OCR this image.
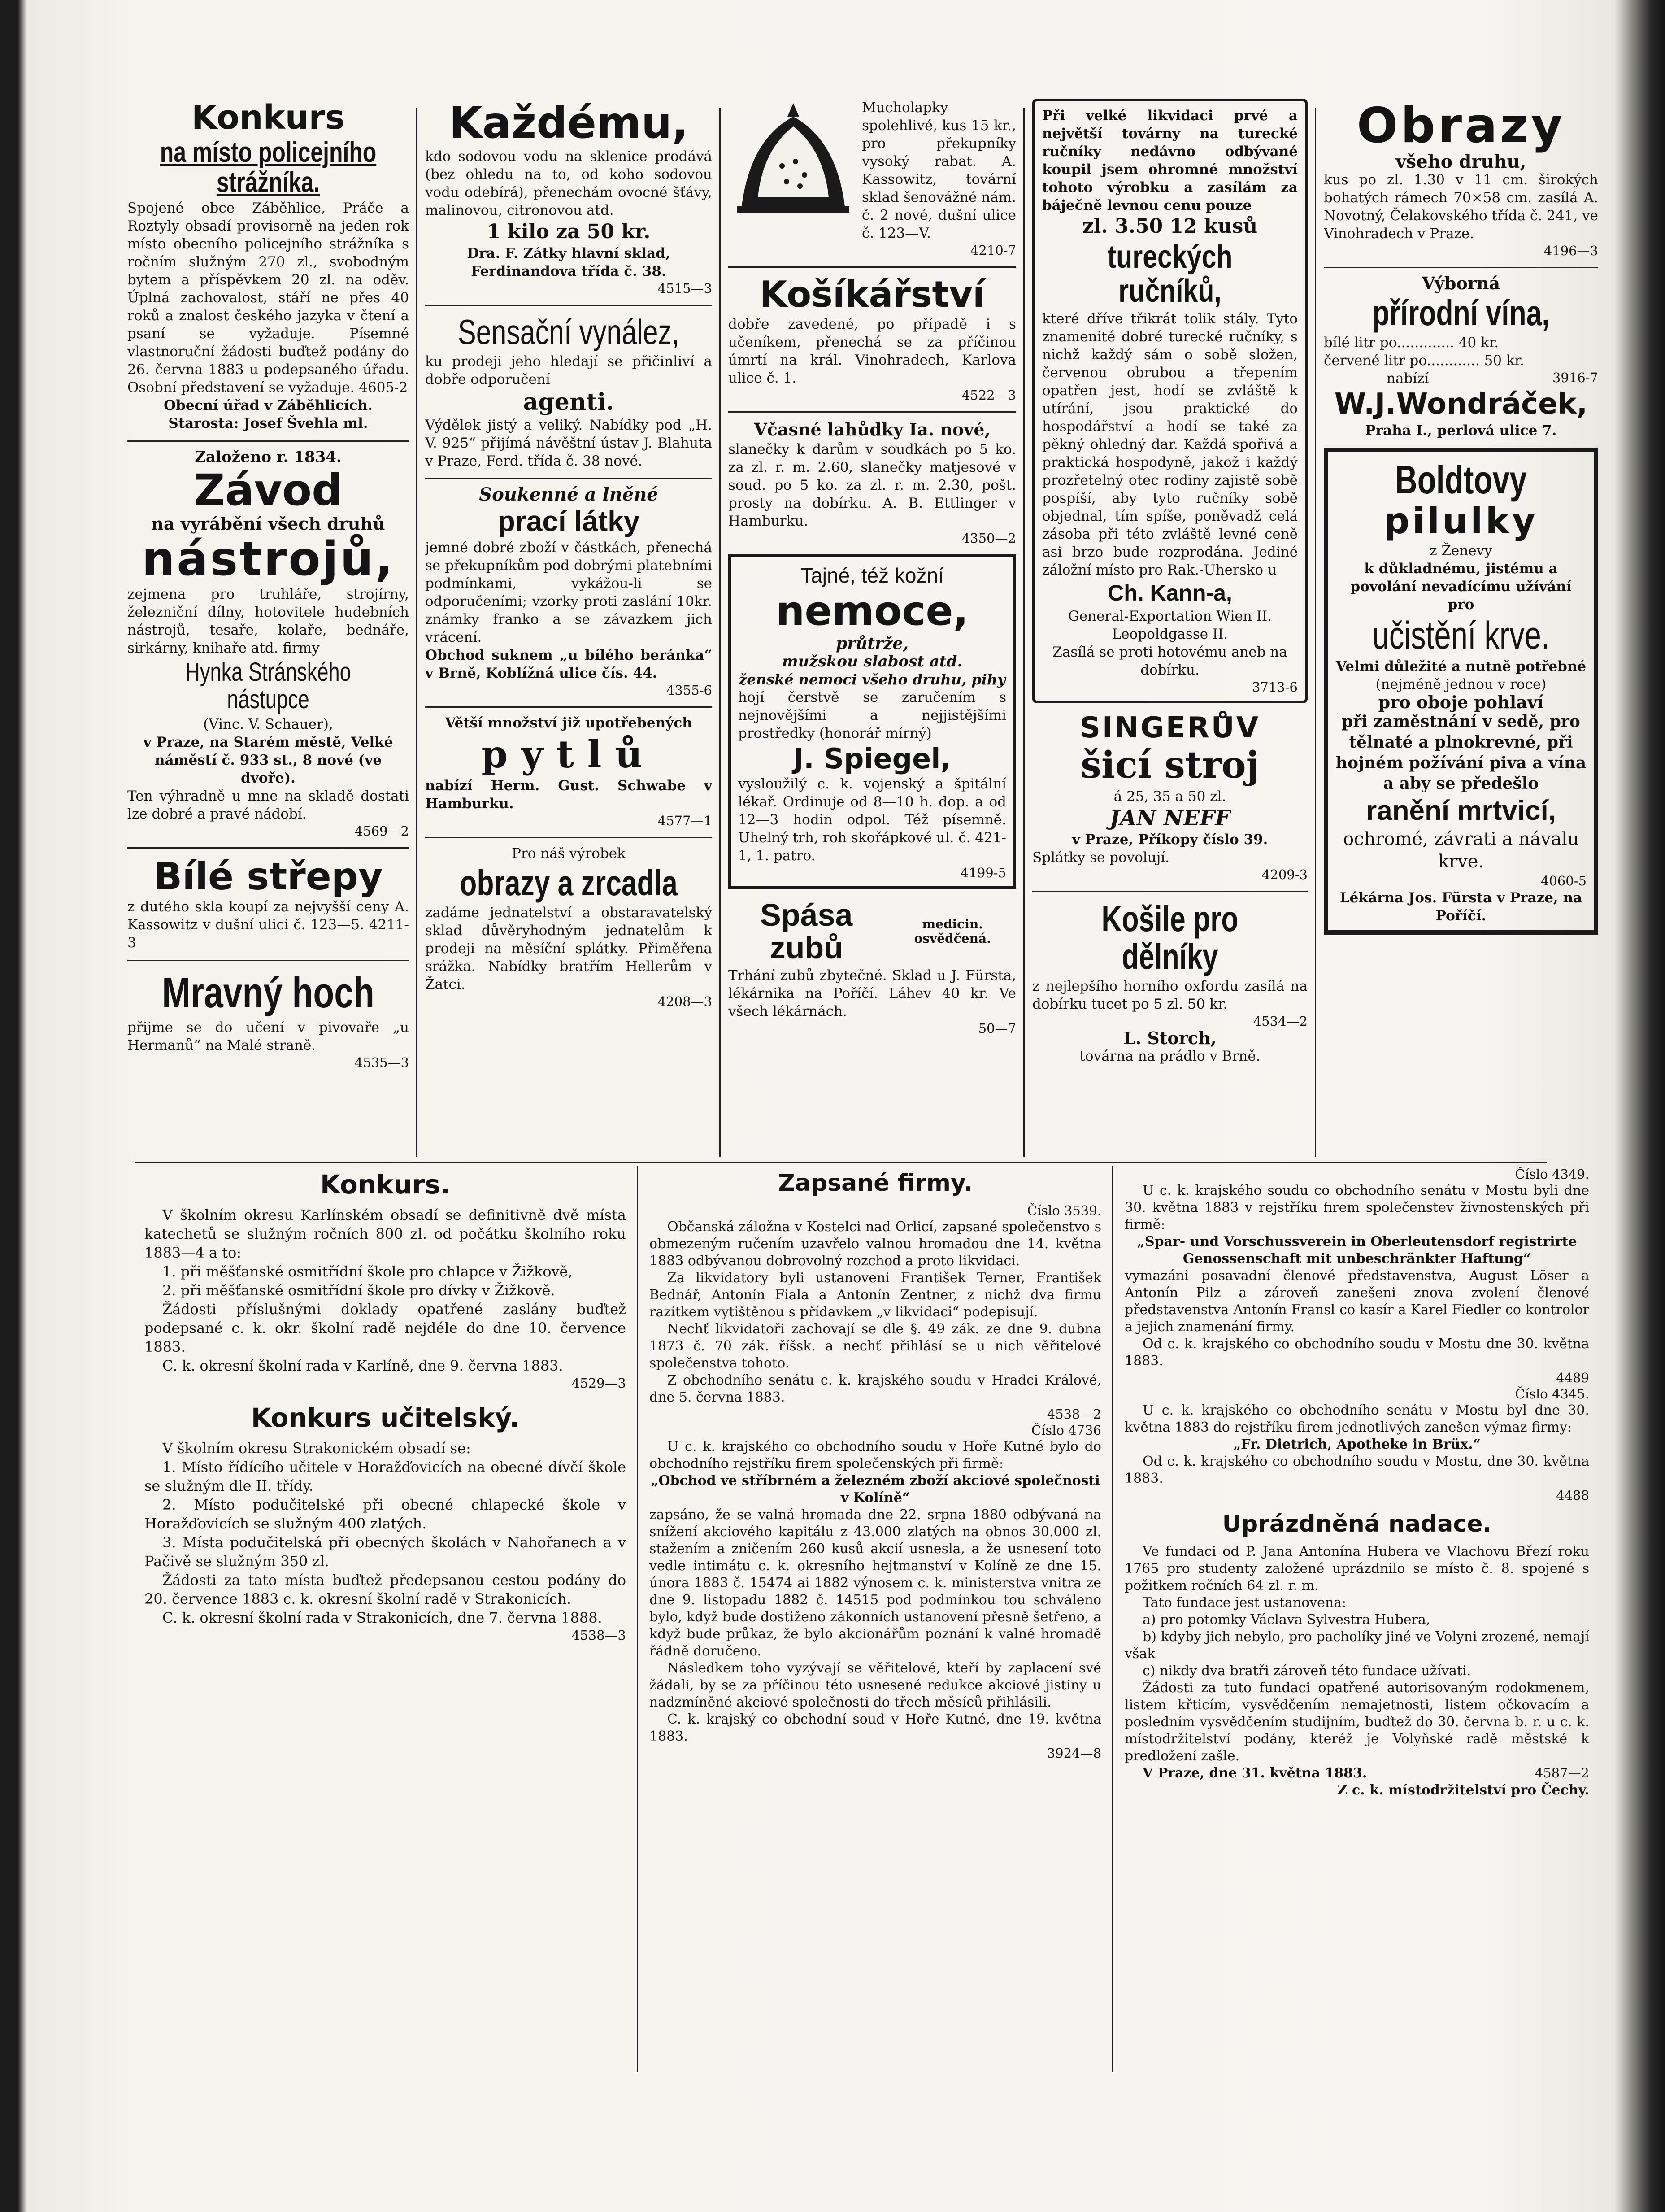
Konkurs
na místo policejního strážníka.

Spojené obce Záběhlice, Práče a Roztyly obsadí provisorně na jeden rok místo obecního policejního strážníka s ročním služným 270 zl., svobodným bytem a příspěvkem 20 zl. na oděv. Úplná zachovalost, stáří ne přes 40 roků a znalost českého jazyka v čtení a psaní se vyžaduje. Písemné vlastnoruční žádosti buďtež podány do 26. června 1883 u podepsaného úřadu. Osobní představení se vyžaduje. 4605-2

Obecní úřad v Záběhlicích.

Starosta: Josef Švehla ml.

Založeno r. 1834.

Závod

na vyrábění všech druhů

nástrojů,

zejmena pro truhláře, strojírny, železniční dílny, hotovitele hudebních nástrojů, tesaře, kolaře, bednáře, sirkárny, knihaře atd. firmy

Hynka Stránského nástupce

(Vinc. V. Schauer),

v Praze, na Starém městě, Velké náměstí č. 933 st., 8 nové (ve dvoře).

Ten výhradně u mne na skladě dostati lze dobré a pravé nádobí.

4569—2

Bílé střepy

z dutého skla koupí za nejvyšší ceny A. Kassowitz v dušní ulici č. 123—5. 4211-3

Mravný hoch

přijme se do učení v pivovaře „u Hermanů“ na Malé straně.

4535—3

Každému,

kdo sodovou vodu na sklenice prodává (bez ohledu na to, od koho sodovou vodu odebírá), přenechám ovocné šťávy, malinovou, citronovou atd.

1 kilo za 50 kr.

Dra. F. Zátky hlavní sklad, Ferdinandova třída č. 38.

4515—3

Sensační vynález,

ku prodeji jeho hledají se přičinliví a dobře odporučení

agenti.

Výdělek jistý a veliký. Nabídky pod „H. V. 925“ přijímá návěštní ústav J. Blahuta v Praze, Ferd. třída č. 38 nové.

Soukenné a lněné

prací látky

jemné dobré zboží v částkách, přenechá se překupníkům pod dobrými platebními podmínkami, vykážou-li se odporučeními; vzorky proti zaslání 10kr. známky franko a se závazkem jich vrácení.

Obchod suknem „u bílého beránka“ v Brně, Koblížná ulice čís. 44.

4355-6

Větší množství již upotřebených

pytlů

nabízí Herm. Gust. Schwabe v Hamburku.

4577—1

Pro náš výrobek

obrazy a zrcadla

zadáme jednatelství a obstaravatelský sklad důvěryhodným jednatelům k prodeji na měsíční splátky. Přiměřena srážka. Nabídky bratřím Hellerům v Žatci.

4208—3

Mucholapky spolehlivé, kus 15 kr., pro překupníky vysoký rabat. A. Kassowitz, tovární sklad šenovážné nám. č. 2 nové, dušní ulice č. 123—V.

4210-7

Košíkářství

dobře zavedené, po případě i s učeníkem, přenechá se za příčinou úmrtí na král. Vinohradech, Karlova ulice č. 1.

4522—3

Včasné lahůdky Ia. nové,

slanečky k darům v soudkách po 5 ko. za zl. r. m. 2.60, slanečky matjesové v soud. po 5 ko. za zl. r. m. 2.30, pošt. prosty na dobírku. A. B. Ettlinger v Hamburku.

4350—2

Tajné, též kožní

nemoce,

průtrže,

mužskou slabost atd.

ženské nemoci všeho druhu, pihy

hojí čerstvě se zaručením s nejnovějšími a nejjistějšími prostředky (honorář mírný)

J. Spiegel,

vysloužilý c. k. vojenský a špitální lékař. Ordinuje od 8—10 h. dop. a od 12—3 hodin odpol. Též písemně. Uhelný trh, roh skořápkové ul. č. 421-1, 1. patro.

4199-5

Spása zubů

medicin. osvědčená.

Trhání zubů zbytečné. Sklad u J. Fürsta, lékárnika na Poříčí. Láhev 40 kr. Ve všech lékárnách.

50—7

Při velké likvidaci prvé a největší továrny na turecké ručníky nedávno odbývané koupil jsem ohromné množství tohoto výrobku a zasílám za báječně levnou cenu pouze

zl. 3.50 12 kusů

tureckých ručníků,

které dříve třikrát tolik stály. Tyto znamenité dobré turecké ručníky, s nichž každý sám o sobě složen, červenou obrubou a třepením opatřen jest, hodí se zvláště k utírání, jsou praktické do hospodářství a hodí se také za pěkný ohledný dar. Každá spořivá a praktická hospodyně, jakož i každý prozřetelný otec rodiny zajistě sobě pospíší, aby tyto ručníky sobě objednal, tím spíše, poněvadž celá zásoba při této zvláště levné ceně asi brzo bude rozprodána. Jediné záložní místo pro Rak.-Uhersko u

Ch. Kann-a,

General-Exportation Wien II. Leopoldgasse II.

Zasílá se proti hotovému aneb na dobírku.

3713-6

SINGERŮV
šicí stroj

á 25, 35 a 50 zl.

JAN NEFF

v Praze, Příkopy číslo 39.

Splátky se povolují.

4209-3

Košile pro dělníky

z nejlepšího horního oxfordu zasílá na dobírku tucet po 5 zl. 50 kr.

4534—2

L. Storch,

továrna na prádlo v Brně.

Obrazy

všeho druhu,

kus po zl. 1.30 v 11 cm. širokých bohatých rámech 70×58 cm. zasílá A. Novotný, Čelakovského třída č. 241, ve Vinohradech v Praze.

4196—3

Výborná

přírodní vína,

bílé litr po............. 40 kr.

červené litr po............ 50 kr.

nabízí	3916-7

W.J.Wondráček,

Praha I., perlová ulice 7.

Boldtovy
pilulky

z Ženevy

k důkladnému, jistému a povolání nevadícímu užívání pro

učistění krve.

Velmi důležité a nutně potřebné

(nejméně jednou v roce)

pro oboje pohlaví

při zaměstnání v sedě, pro tělnaté a plnokrevné, při hojném požívání piva a vína a aby se předešlo

ranění mrtvicí,

ochromé, závrati a návalu krve.

4060-5

Lékárna Jos. Fürsta v Praze, na Poříčí.

Konkurs.

V školním okresu Karlínském obsadí se definitivně dvě místa katechetů se služným ročních 800 zl. od počátku školního roku 1883—4 a to:

1. při měšťanské osmitřídní škole pro chlapce v Žižkově,

2. při měšťanské osmitřídní škole pro dívky v Žižkově.

Žádosti příslušnými doklady opatřené zaslány buďtež podepsané c. k. okr. školní radě nejdéle do dne 10. července 1883.

C. k. okresní školní rada v Karlíně, dne 9. června 1883.

4529—3

Konkurs učitelský.

V školním okresu Strakonickém obsadí se:

1. Místo řídícího učitele v Horažďovicích na obecné dívčí škole se služným dle II. třídy.

2. Místo podučitelské při obecné chlapecké škole v Horažďovicích se služným 400 zlatých.

3. Místa podučitelská při obecných školách v Nahořanech a v Pačivě se služným 350 zl.

Žádosti za tato místa buďtež předepsanou cestou podány do 20. července 1883 c. k. okresní školní radě v Strakonicích.

C. k. okresní školní rada v Strakonicích, dne 7. června 1888.

4538—3

Zapsané firmy.

Číslo 3539.

Občanská záložna v Kostelci nad Orlicí, zapsané společenstvo s obmezeným ručením uzavřelo valnou hromadou dne 14. května 1883 odbývanou dobrovolný rozchod a proto likvidaci.

Za likvidatory byli ustanoveni František Terner, František Bednář, Antonín Fiala a Antonín Zentner, z nichž dva firmu razítkem vytištěnou s přídavkem „v likvidaci“ podepisují.

Nechť likvidatoři zachovají se dle §. 49 zák. ze dne 9. dubna 1873 č. 70 zák. říšsk. a nechť přihlásí se u nich věřitelové společenstva tohoto.

Z obchodního senátu c. k. krajského soudu v Hradci Králové, dne 5. června 1883.

4538—2

Číslo 4736

U c. k. krajského co obchodního soudu v Hoře Kutné bylo do obchodního rejstříku firem společenských při firmě:

„Obchod ve stříbrném a železném zboží akciové společnosti v Kolíně“

zapsáno, že se valná hromada dne 22. srpna 1880 odbývaná na snížení akciového kapitálu z 43.000 zlatých na obnos 30.000 zl. stažením a zničením 260 kusů akcií usnesla, a že usnesení toto vedle intimátu c. k. okresního hejtmanství v Kolíně ze dne 15. února 1883 č. 15474 ai 1882 výnosem c. k. ministerstva vnitra ze dne 9. listopadu 1882 č. 14515 pod podmínkou tou schváleno bylo, když bude dostiženo zákonních ustanovení přesně šetřeno, a když bude průkaz, že bylo akcionářům poznání k valné hromadě řádně doručeno.

Následkem toho vyzývají se věřitelové, kteří by zaplacení své žádali, by se za příčinou této usnesené redukce akciové jistiny u nadzmíněné akciové společnosti do třech měsíců přihlásili.

C. k. krajský co obchodní soud v Hoře Kutné, dne 19. května 1883.

3924—8

Číslo 4349.

U c. k. krajského soudu co obchodního senátu v Mostu byli dne 30. května 1883 v rejstříku firem společenstev živnostenských při firmě:

„Spar- und Vorschussverein in Oberleutensdorf registrirte Genossenschaft mit unbeschränkter Haftung“

vymazáni posavadní členové představenstva, August Löser a Antonín Pilz a zároveň zanešeni znova zvolení členové představenstva Antonín Fransl co kasír a Karel Fiedler co kontrolor a jejich znamenání firmy.

Od c. k. krajského co obchodního soudu v Mostu dne 30. května 1883.

4489

Číslo 4345.

U c. k. krajského co obchodního senátu v Mostu byl dne 30. května 1883 do rejstříku firem jednotlivých zanešen výmaz firmy:

„Fr. Dietrich, Apotheke in Brüx.“

Od c. k. krajského co obchodního soudu v Mostu, dne 30. května 1883.

4488

Uprázdněná nadace.

Ve fundaci od P. Jana Antonína Hubera ve Vlachovu Březí roku 1765 pro studenty založené uprázdnilo se místo č. 8. spojené s požitkem ročních 64 zl. r. m.

Tato fundace jest ustanovena:

a) pro potomky Václava Sylvestra Hubera,

b) kdyby jich nebylo, pro pacholíky jiné ve Volyni zrozené, nemají však

c) nikdy dva bratři zároveň této fundace užívati.

Žádosti za tuto fundaci opatřené autorisovaným rodokmenem, listem křticím, vysvědčením nemajetnosti, listem očkovacím a posledním vysvědčením studijním, buďtež do 30. června b. r. u c. k. místodržitelství podány, kteréž je Volyňské radě městské k predložení zašle.

V Praze, dne 31. května 1883.	4587—2

Z c. k. místodržitelství pro Čechy.
